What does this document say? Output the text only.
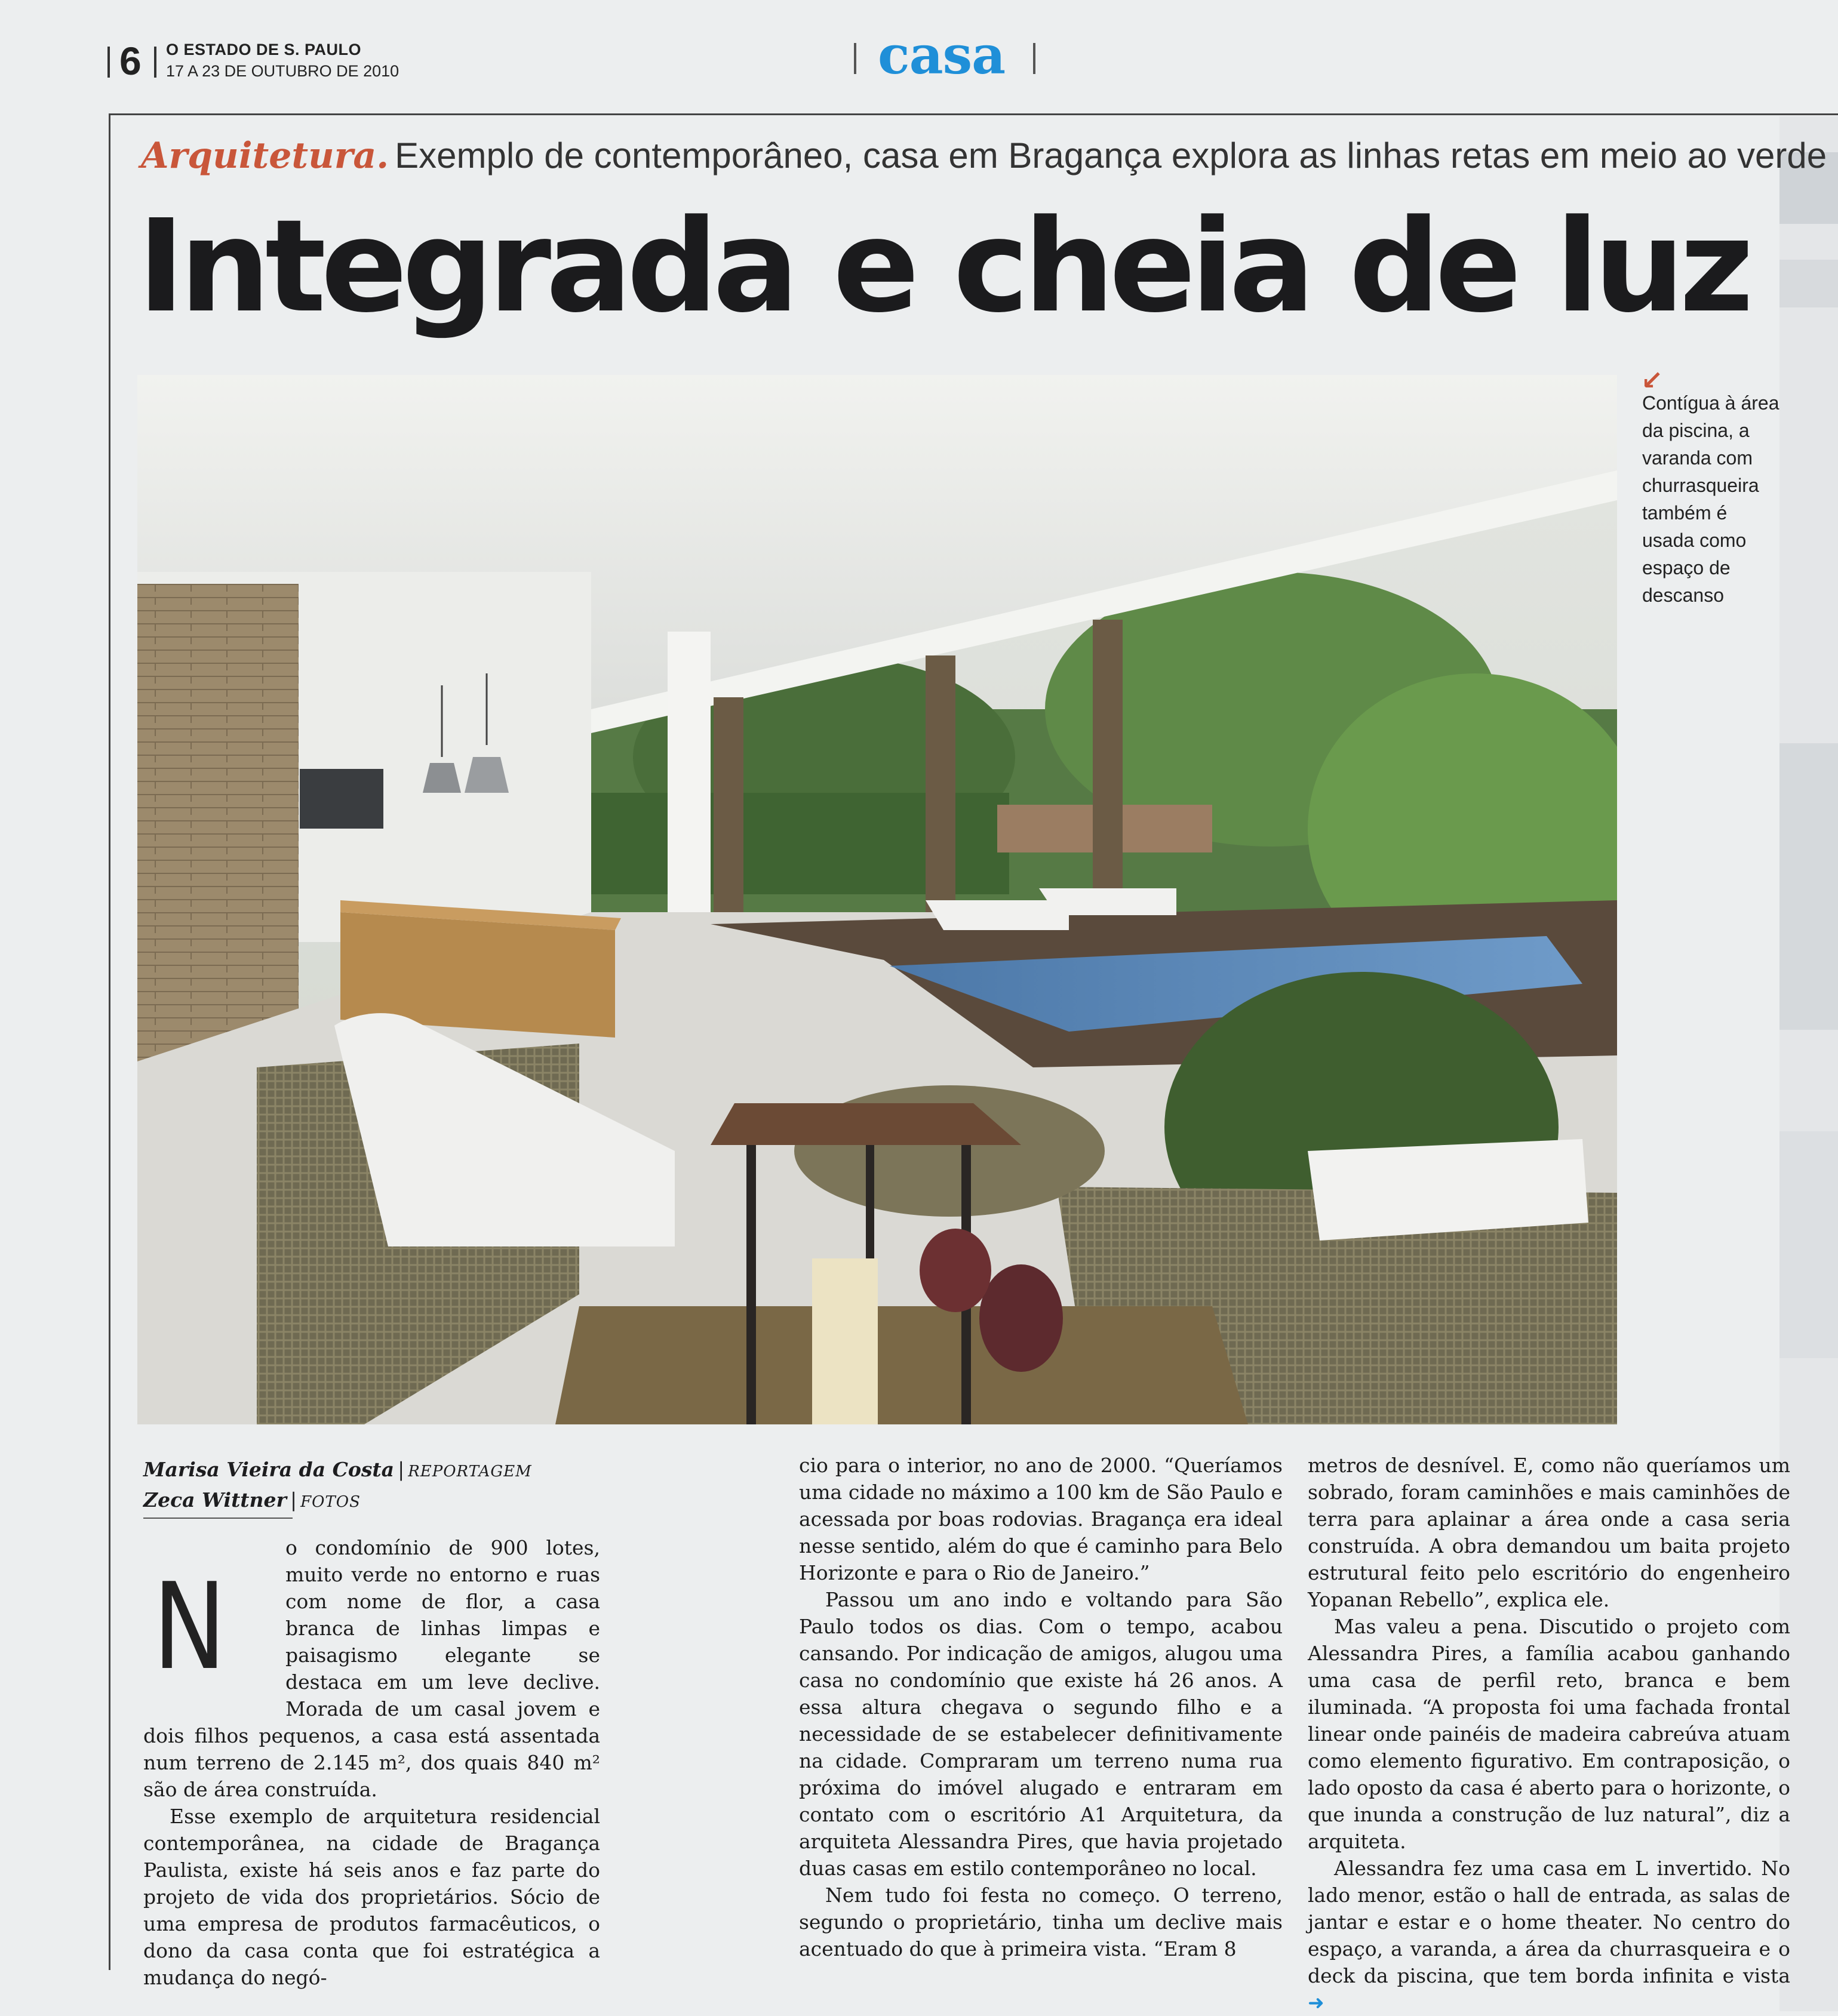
6 O ESTADO DE S. PAULO
17 A 23 DE OUTUBRO DE 2010	casa
Arquitetura. Exemplo de contemporâneo, casa em Bragança explora as linhas retas em meio ao verde
Integrada e cheia de luz
↙
Contígua à área da piscina, a varanda com churrasqueira também é usada como espaço de descanso
Marisa Vieira da Costa | REPORTAGEM
Zeca Wittner | FOTOS
N

o condomínio de 900 lotes, muito verde no entorno e ruas com nome de flor, a casa branca de linhas limpas e paisagismo elegante se destaca em um leve declive. Morada de um casal jovem e dois filhos pequenos, a casa está assentada num terreno de 2.145 m², dos quais 840 m² são de área construída.

Esse exemplo de arquitetura residencial contemporânea, na cidade de Bragança Paulista, existe há seis anos e faz parte do projeto de vida dos proprietários. Sócio de uma empresa de produtos farmacêuticos, o dono da casa conta que foi estratégica a mudança do negó-

cio para o interior, no ano de 2000. “Queríamos uma cidade no máximo a 100 km de São Paulo e acessada por boas rodovias. Bragança era ideal nesse sentido, além do que é caminho para Belo Horizonte e para o Rio de Janeiro.”

Passou um ano indo e voltando para São Paulo todos os dias. Com o tempo, acabou cansando. Por indicação de amigos, alugou uma casa no condomínio que existe há 26 anos. A essa altura chegava o segundo filho e a necessidade de se estabelecer definitivamente na cidade. Compraram um terreno numa rua próxima do imóvel alugado e entraram em contato com o escritório A1 Arquitetura, da arquiteta Alessandra Pires, que havia projetado duas casas em estilo contemporâneo no local.

Nem tudo foi festa no começo. O terreno, segundo o proprietário, tinha um declive mais acentuado do que à primeira vista. “Eram 8

metros de desnível. E, como não queríamos um sobrado, foram caminhões e mais caminhões de terra para aplainar a área onde a casa seria construída. A obra demandou um baita projeto estrutural feito pelo escritório do engenheiro Yopanan Rebello”, explica ele.

Mas valeu a pena. Discutido o projeto com Alessandra Pires, a família acabou ganhando uma casa de perfil reto, branca e bem iluminada. “A proposta foi uma fachada frontal linear onde painéis de madeira cabreúva atuam como elemento figurativo. Em contraposição, o lado oposto da casa é aberto para o horizonte, o que inunda a construção de luz natural”, diz a arquiteta.

Alessandra fez uma casa em L invertido. No lado menor, estão o hall de entrada, as salas de jantar e estar e o home theater. No centro do espaço, a varanda, a área da churrasqueira e o deck da piscina, que tem borda infinita e vista ➜
